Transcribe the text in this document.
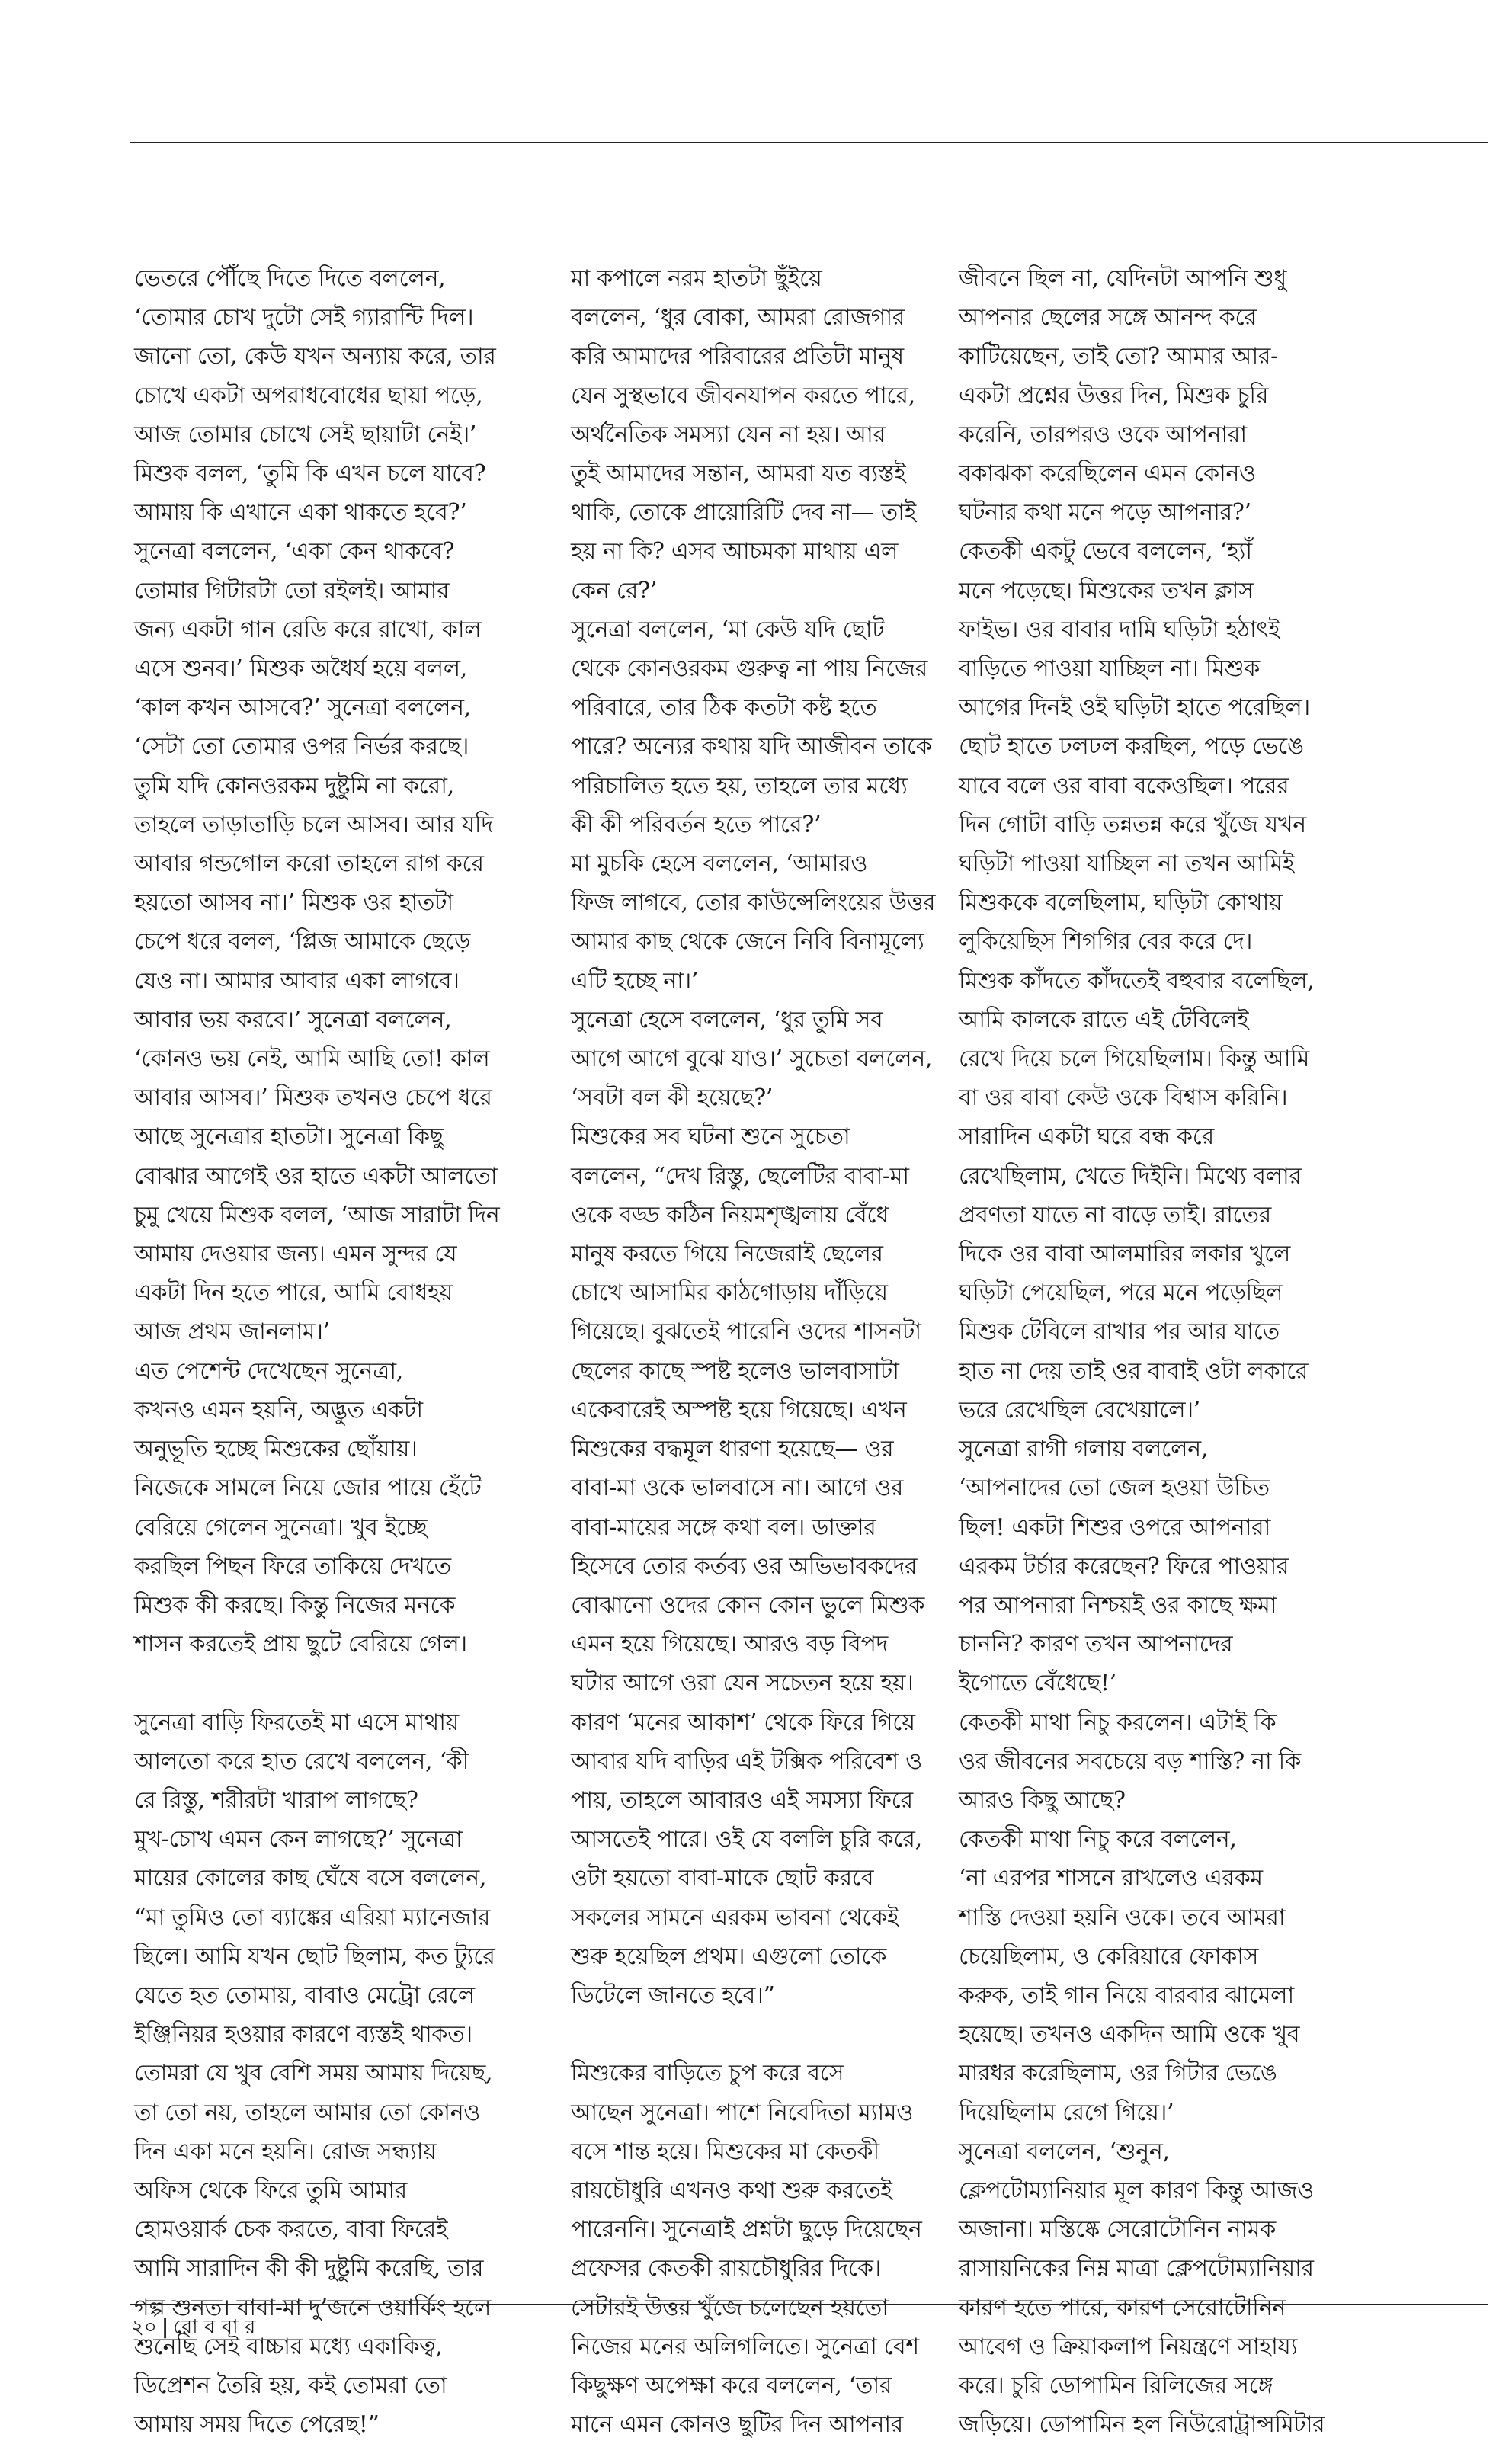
ভেতরে পৌঁছে দিতে দিতে বললেন,

‘তোমার চোখ দুটো সেই গ্যারান্টি দিল।

জানো তো, কেউ যখন অন্যায় করে, তার

চোখে একটা অপরাধবোধের ছায়া পড়ে,

আজ তোমার চোখে সেই ছায়াটা নেই।’

মিশুক বলল, ‘তুমি কি এখন চলে যাবে?

আমায় কি এখানে একা থাকতে হবে?’

সুনেত্রা বললেন, ‘একা কেন থাকবে?

তোমার গিটারটা তো রইলই। আমার

জন্য একটা গান রেডি করে রাখো, কাল

এসে শুনব।’ মিশুক অধৈর্য হয়ে বলল,

‘কাল কখন আসবে?’ সুনেত্রা বললেন,

‘সেটা তো তোমার ওপর নির্ভর করছে।

তুমি যদি কোনওরকম দুষ্টুমি না করো,

তাহলে তাড়াতাড়ি চলে আসব। আর যদি

আবার গন্ডগোল করো তাহলে রাগ করে

হয়তো আসব না।’ মিশুক ওর হাতটা

চেপে ধরে বলল, ‘প্লিজ আমাকে ছেড়ে

যেও না। আমার আবার একা লাগবে।

আবার ভয় করবে।’ সুনেত্রা বললেন,

‘কোনও ভয় নেই, আমি আছি তো! কাল

আবার আসব।’ মিশুক তখনও চেপে ধরে

আছে সুনেত্রার হাতটা। সুনেত্রা কিছু

বোঝার আগেই ওর হাতে একটা আলতো

চুমু খেয়ে মিশুক বলল, ‘আজ সারাটা দিন

আমায় দেওয়ার জন্য। এমন সুন্দর যে

একটা দিন হতে পারে, আমি বোধহয়

আজ প্রথম জানলাম।’

এত পেশেন্ট দেখেছেন সুনেত্রা,

কখনও এমন হয়নি, অদ্ভুত একটা

অনুভূতি হচ্ছে মিশুকের ছোঁয়ায়।

নিজেকে সামলে নিয়ে জোর পায়ে হেঁটে

বেরিয়ে গেলেন সুনেত্রা। খুব ইচ্ছে

করছিল পিছন ফিরে তাকিয়ে দেখতে

মিশুক কী করছে। কিন্তু নিজের মনকে

শাসন করতেই প্রায় ছুটে বেরিয়ে গেল।

সুনেত্রা বাড়ি ফিরতেই মা এসে মাথায়

আলতো করে হাত রেখে বললেন, ‘কী

রে রিস্তু, শরীরটা খারাপ লাগছে?

মুখ-চোখ এমন কেন লাগছে?’ সুনেত্রা

মায়ের কোলের কাছ ঘেঁষে বসে বললেন,

“মা তুমিও তো ব্যাঙ্কের এরিয়া ম্যানেজার

ছিলে। আমি যখন ছোট ছিলাম, কত ট্যুরে

যেতে হত তোমায়, বাবাও মেট্রো রেলে

ইঞ্জিনিয়র হওয়ার কারণে ব্যস্তই থাকত।

তোমরা যে খুব বেশি সময় আমায় দিয়েছ,

তা তো নয়, তাহলে আমার তো কোনও

দিন একা মনে হয়নি। রোজ সন্ধ্যায়

অফিস থেকে ফিরে তুমি আমার

হোমওয়ার্ক চেক করতে, বাবা ফিরেই

আমি সারাদিন কী কী দুষ্টুমি করেছি, তার

গল্প শুনত। বাবা-মা দু’জনে ওয়ার্কিং হলে

শুনেছি সেই বাচ্চার মধ্যে একাকিত্ব,

ডিপ্রেশন তৈরি হয়, কই তোমরা তো

আমায় সময় দিতে পেরেছ!”

মা কপালে নরম হাতটা ছুঁইয়ে

বললেন, ‘ধুর বোকা, আমরা রোজগার

করি আমাদের পরিবারের প্রতিটা মানুষ

যেন সুস্থভাবে জীবনযাপন করতে পারে,

অর্থনৈতিক সমস্যা যেন না হয়। আর

তুই আমাদের সন্তান, আমরা যত ব্যস্তই

থাকি, তোকে প্রায়োরিটি দেব না— তাই

হয় না কি? এসব আচমকা মাথায় এল

কেন রে?’

সুনেত্রা বললেন, ‘মা কেউ যদি ছোট

থেকে কোনওরকম গুরুত্ব না পায় নিজের

পরিবারে, তার ঠিক কতটা কষ্ট হতে

পারে? অন্যের কথায় যদি আজীবন তাকে

পরিচালিত হতে হয়, তাহলে তার মধ্যে

কী কী পরিবর্তন হতে পারে?’

মা মুচকি হেসে বললেন, ‘আমারও

ফিজ লাগবে, তোর কাউন্সেলিংয়ের উত্তর

আমার কাছ থেকে জেনে নিবি বিনামূল্যে

এটি হচ্ছে না।’

সুনেত্রা হেসে বললেন, ‘ধুর তুমি সব

আগে আগে বুঝে যাও।’ সুচেতা বললেন,

‘সবটা বল কী হয়েছে?’

মিশুকের সব ঘটনা শুনে সুচেতা

বললেন, “দেখ রিস্তু, ছেলেটির বাবা-মা

ওকে বড্ড কঠিন নিয়মশৃঙ্খলায় বেঁধে

মানুষ করতে গিয়ে নিজেরাই ছেলের

চোখে আসামির কাঠগোড়ায় দাঁড়িয়ে

গিয়েছে। বুঝতেই পারেনি ওদের শাসনটা

ছেলের কাছে স্পষ্ট হলেও ভালবাসাটা

একেবারেই অস্পষ্ট হয়ে গিয়েছে। এখন

মিশুকের বদ্ধমূল ধারণা হয়েছে— ওর

বাবা-মা ওকে ভালবাসে না। আগে ওর

বাবা-মায়ের সঙ্গে কথা বল। ডাক্তার

হিসেবে তোর কর্তব্য ওর অভিভাবকদের

বোঝানো ওদের কোন কোন ভুলে মিশুক

এমন হয়ে গিয়েছে। আরও বড় বিপদ

ঘটার আগে ওরা যেন সচেতন হয়ে হয়।

কারণ ‘মনের আকাশ’ থেকে ফিরে গিয়ে

আবার যদি বাড়ির এই টক্সিক পরিবেশ ও

পায়, তাহলে আবারও এই সমস্যা ফিরে

আসতেই পারে। ওই যে বললি চুরি করে,

ওটা হয়তো বাবা-মাকে ছোট করবে

সকলের সামনে এরকম ভাবনা থেকেই

শুরু হয়েছিল প্রথম। এগুলো তোকে

ডিটেলে জানতে হবে।”

মিশুকের বাড়িতে চুপ করে বসে

আছেন সুনেত্রা। পাশে নিবেদিতা ম্যামও

বসে শান্ত হয়ে। মিশুকের মা কেতকী

রায়চৌধুরি এখনও কথা শুরু করতেই

পারেননি। সুনেত্রাই প্রশ্নটা ছুড়ে দিয়েছেন

প্রফেসর কেতকী রায়চৌধুরির দিকে।

সেটারই উত্তর খুঁজে চলেছেন হয়তো

নিজের মনের অলিগলিতে। সুনেত্রা বেশ

কিছুক্ষণ অপেক্ষা করে বললেন, ‘তার

মানে এমন কোনও ছুটির দিন আপনার

জীবনে ছিল না, যেদিনটা আপনি শুধু

আপনার ছেলের সঙ্গে আনন্দ করে

কাটিয়েছেন, তাই তো? আমার আর-

একটা প্রশ্নের উত্তর দিন, মিশুক চুরি

করেনি, তারপরও ওকে আপনারা

বকাঝকা করেছিলেন এমন কোনও

ঘটনার কথা মনে পড়ে আপনার?’

কেতকী একটু ভেবে বললেন, ‘হ্যাঁ

মনে পড়েছে। মিশুকের তখন ক্লাস

ফাইভ। ওর বাবার দামি ঘড়িটা হঠাৎই

বাড়িতে পাওয়া যাচ্ছিল না। মিশুক

আগের দিনই ওই ঘড়িটা হাতে পরেছিল।

ছোট হাতে ঢলঢল করছিল, পড়ে ভেঙে

যাবে বলে ওর বাবা বকেওছিল। পরের

দিন গোটা বাড়ি তন্নতন্ন করে খুঁজে যখন

ঘড়িটা পাওয়া যাচ্ছিল না তখন আমিই

মিশুককে বলেছিলাম, ঘড়িটা কোথায়

লুকিয়েছিস শিগগির বের করে দে।

মিশুক কাঁদতে কাঁদতেই বহুবার বলেছিল,

আমি কালকে রাতে এই টেবিলেই

রেখে দিয়ে চলে গিয়েছিলাম। কিন্তু আমি

বা ওর বাবা কেউ ওকে বিশ্বাস করিনি।

সারাদিন একটা ঘরে বন্ধ করে

রেখেছিলাম, খেতে দিইনি। মিথ্যে বলার

প্রবণতা যাতে না বাড়ে তাই। রাতের

দিকে ওর বাবা আলমারির লকার খুলে

ঘড়িটা পেয়েছিল, পরে মনে পড়েছিল

মিশুক টেবিলে রাখার পর আর যাতে

হাত না দেয় তাই ওর বাবাই ওটা লকারে

ভরে রেখেছিল বেখেয়ালে।’

সুনেত্রা রাগী গলায় বললেন,

‘আপনাদের তো জেল হওয়া উচিত

ছিল! একটা শিশুর ওপরে আপনারা

এরকম টর্চার করেছেন? ফিরে পাওয়ার

পর আপনারা নিশ্চয়ই ওর কাছে ক্ষমা

চাননি? কারণ তখন আপনাদের

ইগোতে বেঁধেছে!’

কেতকী মাথা নিচু করলেন। এটাই কি

ওর জীবনের সবচেয়ে বড় শাস্তি? না কি

আরও কিছু আছে?

কেতকী মাথা নিচু করে বললেন,

‘না এরপর শাসনে রাখলেও এরকম

শাস্তি দেওয়া হয়নি ওকে। তবে আমরা

চেয়েছিলাম, ও কেরিয়ারে ফোকাস

করুক, তাই গান নিয়ে বারবার ঝামেলা

হয়েছে। তখনও একদিন আমি ওকে খুব

মারধর করেছিলাম, ওর গিটার ভেঙে

দিয়েছিলাম রেগে গিয়ে।’

সুনেত্রা বললেন, ‘শুনুন,

ক্লেপটোম্যানিয়ার মূল কারণ কিন্তু আজও

অজানা। মস্তিষ্কে সেরোটোনিন নামক

রাসায়নিকের নিম্ন মাত্রা ক্লেপটোম্যানিয়ার

কারণ হতে পারে, কারণ সেরোটোনিন

আবেগ ও ক্রিয়াকলাপ নিয়ন্ত্রণে সাহায্য

করে। চুরি ডোপামিন রিলিজের সঙ্গে

জড়িয়ে। ডোপামিন হল নিউরোট্রান্সমিটার

২০ | রো ব বা র
